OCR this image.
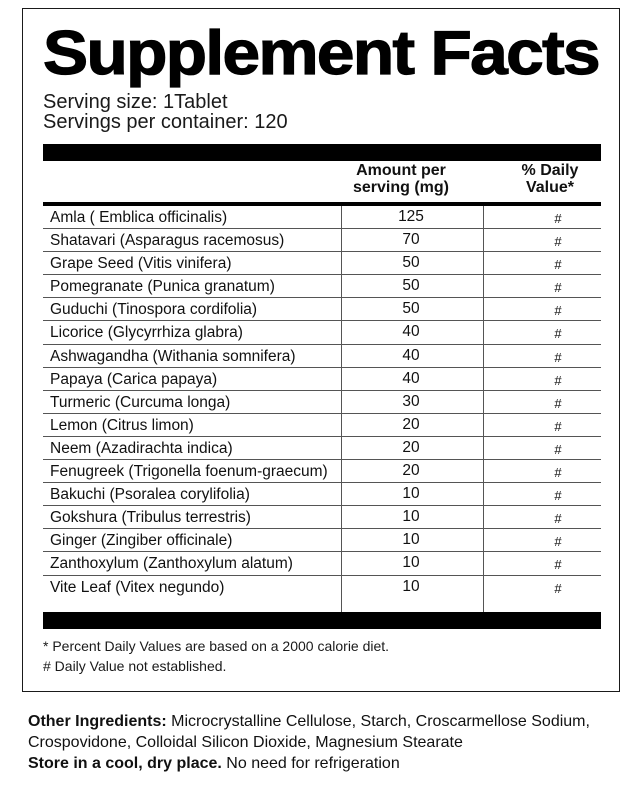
Supplement Facts
Serving size: 1Tablet
Servings per container: 120
Amount per
serving (mg)
% Daily
Value*
Amla ( Emblica officinalis)	125	#
Shatavari (Asparagus racemosus)	70	#
Grape Seed (Vitis vinifera)	50	#
Pomegranate (Punica granatum)	50	#
Guduchi (Tinospora cordifolia)	50	#
Licorice (Glycyrrhiza glabra)	40	#
Ashwagandha (Withania somnifera)	40	#
Papaya (Carica papaya)	40	#
Turmeric (Curcuma longa)	30	#
Lemon (Citrus limon)	20	#
Neem (Azadirachta indica)	20	#
Fenugreek (Trigonella foenum-graecum)	20	#
Bakuchi (Psoralea corylifolia)	10	#
Gokshura (Tribulus terrestris)	10	#
Ginger (Zingiber officinale)	10	#
Zanthoxylum (Zanthoxylum alatum)	10	#
Vite Leaf (Vitex negundo)	10	#
* Percent Daily Values are based on a 2000 calorie diet.
# Daily Value not established.
Other Ingredients: Microcrystalline Cellulose, Starch, Croscarmellose Sodium, Crospovidone, Colloidal Silicon Dioxide, Magnesium Stearate
Store in a cool, dry place. No need for refrigeration
